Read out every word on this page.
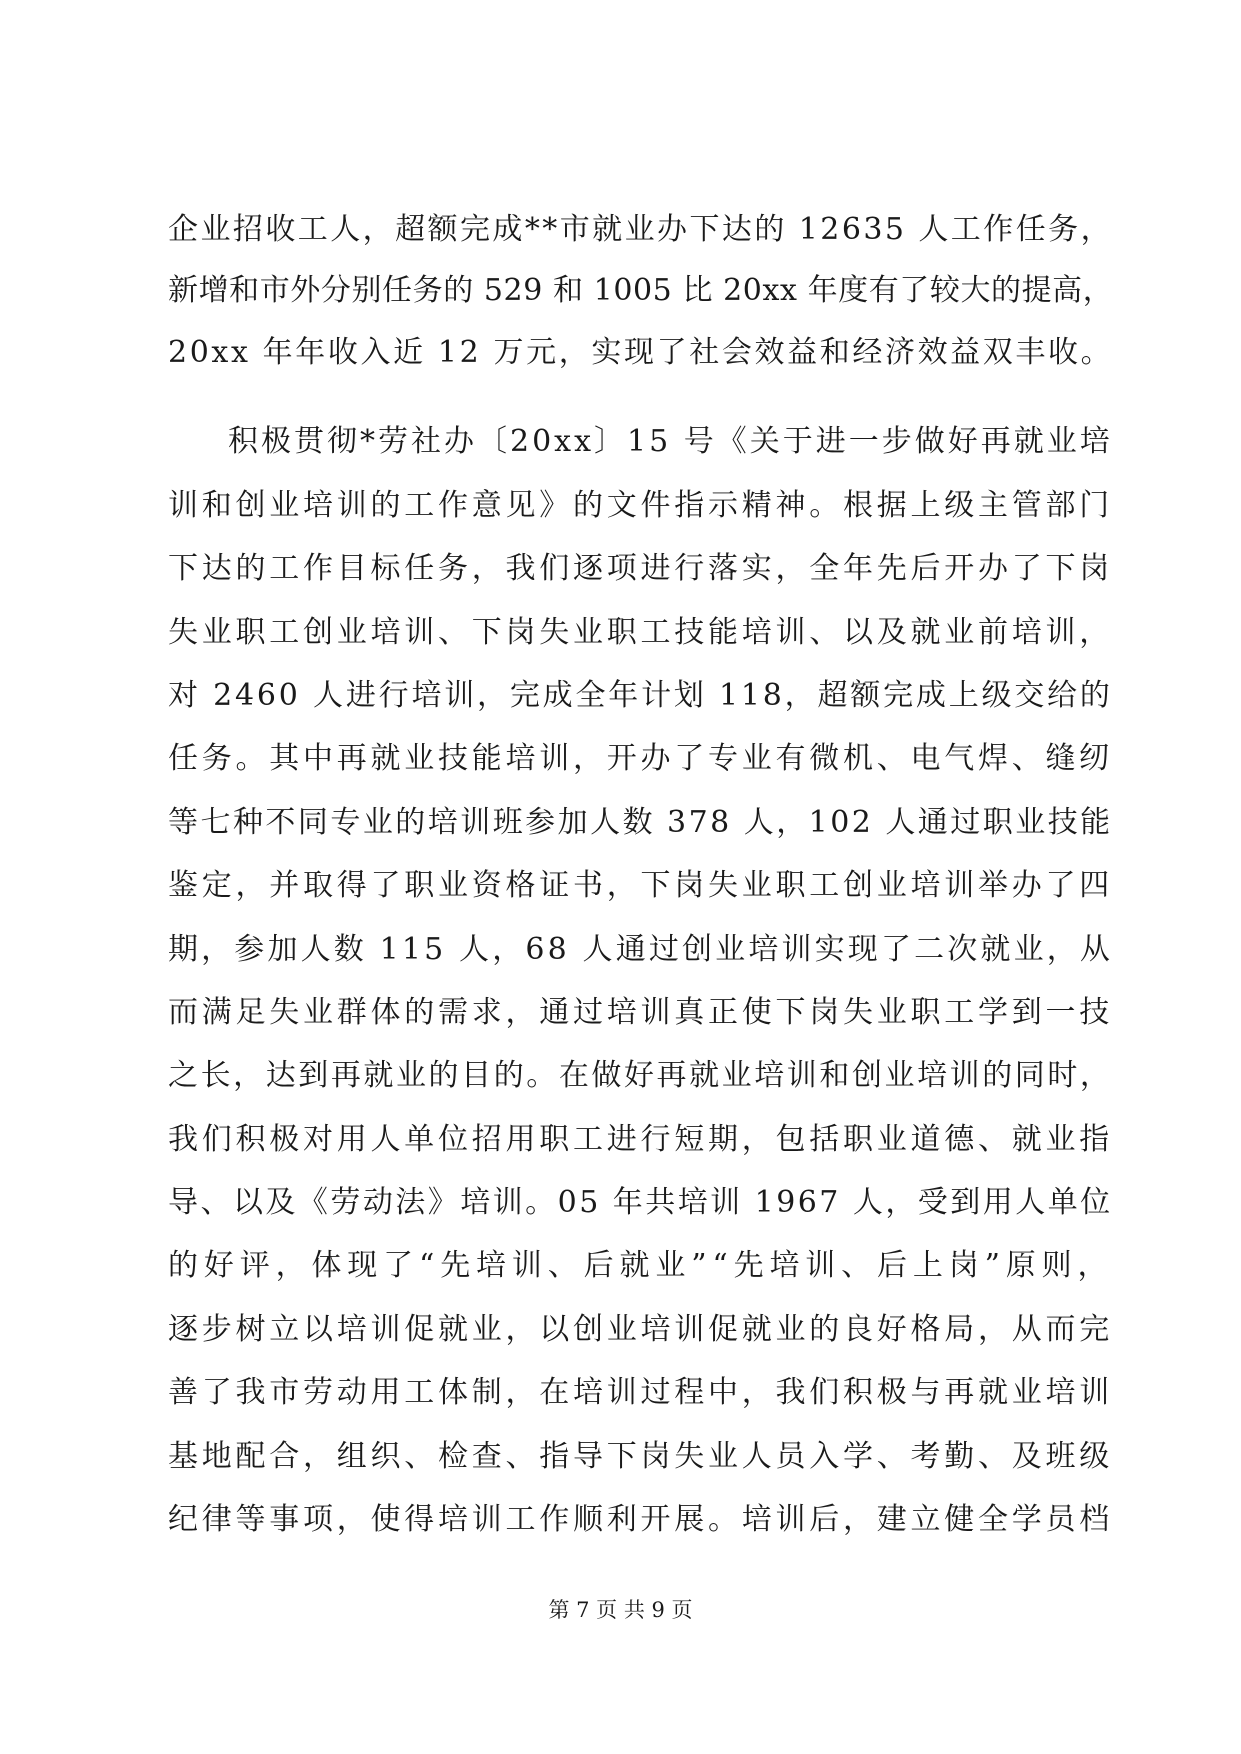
企业招收工人，超额完成**市就业办下达的 12635 人工作任务，
新增和市外分别任务的 529 和 1005 比 20xx 年度有了较大的提高，
20xx 年年收入近 12 万元，实现了社会效益和经济效益双丰收。
积极贯彻*劳社办〔20xx〕15 号《关于进一步做好再就业培
训和创业培训的工作意见》的文件指示精神。根据上级主管部门
下达的工作目标任务，我们逐项进行落实，全年先后开办了下岗
失业职工创业培训、下岗失业职工技能培训、以及就业前培训，
对 2460 人进行培训，完成全年计划 118，超额完成上级交给的
任务。其中再就业技能培训，开办了专业有微机、电气焊、缝纫
等七种不同专业的培训班参加人数 378 人，102 人通过职业技能
鉴定，并取得了职业资格证书，下岗失业职工创业培训举办了四
期，参加人数 115 人，68 人通过创业培训实现了二次就业，从
而满足失业群体的需求，通过培训真正使下岗失业职工学到一技
之长，达到再就业的目的。在做好再就业培训和创业培训的同时，
我们积极对用人单位招用职工进行短期，包括职业道德、就业指
导、以及《劳动法》培训。05 年共培训 1967 人，受到用人单位
的好评，体现了“先培训、后就业”“先培训、后上岗”原则，
逐步树立以培训促就业，以创业培训促就业的良好格局，从而完
善了我市劳动用工体制，在培训过程中，我们积极与再就业培训
基地配合，组织、检查、指导下岗失业人员入学、考勤、及班级
纪律等事项，使得培训工作顺利开展。培训后，建立健全学员档
第 7 页 共 9 页
